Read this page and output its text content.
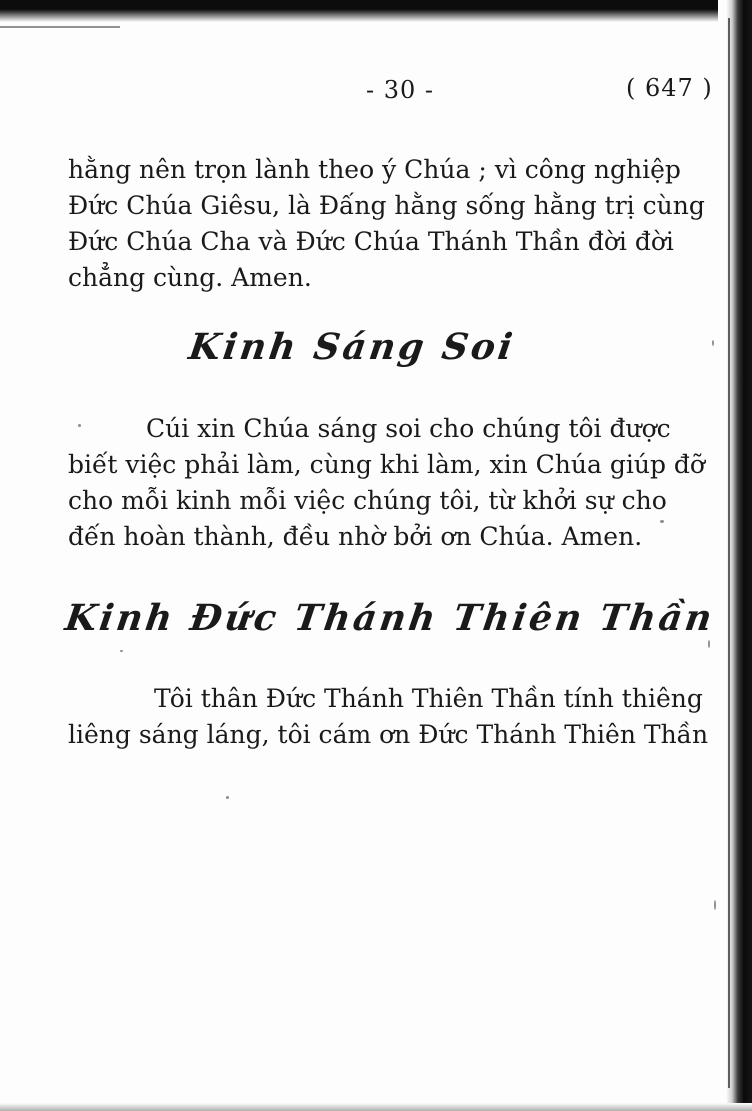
- 30 -	( 647 )

hằng nên trọn lành theo ý Chúa ; vì công nghiệp Đức Chúa Giêsu, là Đấng hằng sống hằng trị cùng Đức Chúa Cha và Đức Chúa Thánh Thần đời đời chẳng cùng. Amen.

Kinh Sáng Soi

Cúi xin Chúa sáng soi cho chúng tôi được biết việc phải làm, cùng khi làm, xin Chúa giúp đỡ cho mỗi kinh mỗi việc chúng tôi, từ khởi sự cho đến hoàn thành, đều nhờ bởi ơn Chúa. Amen.

Kinh Đức Thánh Thiên Thần

Tôi thân Đức Thánh Thiên Thần tính thiêng liêng sáng láng, tôi cám ơn Đức Thánh Thiên Thần
